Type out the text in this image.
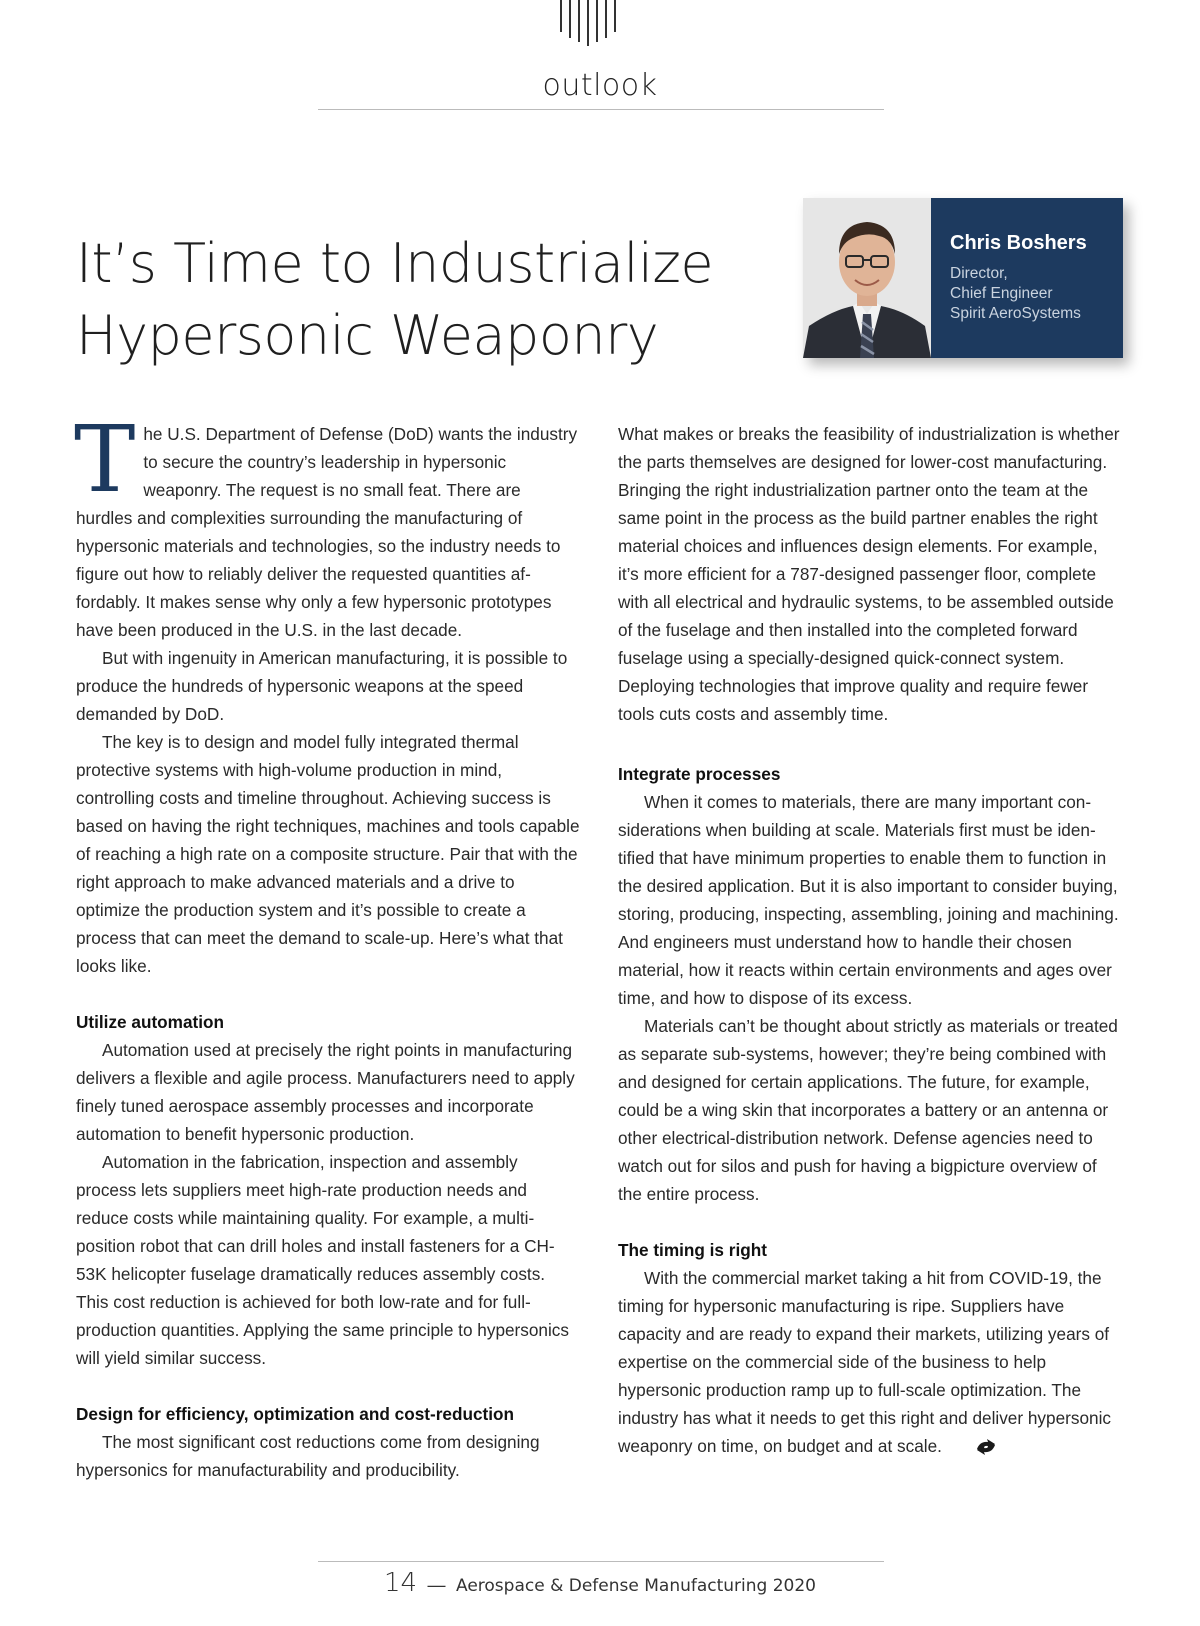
outlook
It’s Time to Industrialize
Hypersonic Weaponry
Chris Boshers
Director,
Chief Engineer
Spirit AeroSystems

The U.S. Department of Defense (DoD) wants the industry to secure the country’s leadership in hypersonic weaponry. The request is no small feat. There are hurdles and complexities surrounding the manufacturing of hypersonic materials and technologies, so the industry needs to figure out how to reliably deliver the requested quantities affordably. It makes sense why only a few hypersonic prototypes have been produced in the U.S. in the last decade.

But with ingenuity in American manufacturing, it is possible to produce the hundreds of hypersonic weapons at the speed demanded by DoD.

The key is to design and model fully integrated thermal protective systems with high-volume production in mind, controlling costs and timeline throughout. Achieving success is based on having the right techniques, machines and tools capable of reaching a high rate on a composite structure. Pair that with the right approach to make advanced materials and a drive to optimize the production system and it’s possible to create a process that can meet the demand to scale-up. Here’s what that looks like.

Utilize automation

Automation used at precisely the right points in manufacturing delivers a flexible and agile process. Manufacturers need to apply finely tuned aerospace assembly processes and incorporate automation to benefit hypersonic production.

Automation in the fabrication, inspection and assembly process lets suppliers meet high-rate production needs and reduce costs while maintaining quality. For example, a multiposition robot that can drill holes and install fasteners for a CH-53K helicopter fuselage dramatically reduces assembly costs. This cost reduction is achieved for both low-rate and for full-production quantities. Applying the same principle to hypersonics will yield similar success.

Design for efficiency, optimization and cost-reduction

The most significant cost reductions come from designing hypersonics for manufacturability and producibility.

What makes or breaks the feasibility of industrialization is whether the parts themselves are designed for lower-cost manufacturing. Bringing the right industrialization partner onto the team at the same point in the process as the build partner enables the right material choices and influences design elements. For example, it’s more efficient for a 787-designed passenger floor, complete with all electrical and hydraulic systems, to be assembled outside of the fuselage and then installed into the completed forward fuselage using a specially-designed quick-connect system. Deploying technologies that improve quality and require fewer tools cuts costs and assembly time.

Integrate processes

When it comes to materials, there are many important considerations when building at scale. Materials first must be identified that have minimum properties to enable them to function in the desired application. But it is also important to consider buying, storing, producing, inspecting, assembling, joining and machining. And engineers must understand how to handle their chosen material, how it reacts within certain environments and ages over time, and how to dispose of its excess.

Materials can’t be thought about strictly as materials or treated as separate sub-systems, however; they’re being combined with and designed for certain applications. The future, for example, could be a wing skin that incorporates a battery or an antenna or other electrical-distribution network. Defense agencies need to watch out for silos and push for having a bigpicture overview of the entire process.

The timing is right

With the commercial market taking a hit from COVID-19, the timing for hypersonic manufacturing is ripe. Suppliers have capacity and are ready to expand their markets, utilizing years of expertise on the commercial side of the business to help hypersonic production ramp up to full-scale optimization. The industry has what it needs to get this right and deliver hypersonic weaponry on time, on budget and at scale.

14 — Aerospace & Defense Manufacturing 2020
